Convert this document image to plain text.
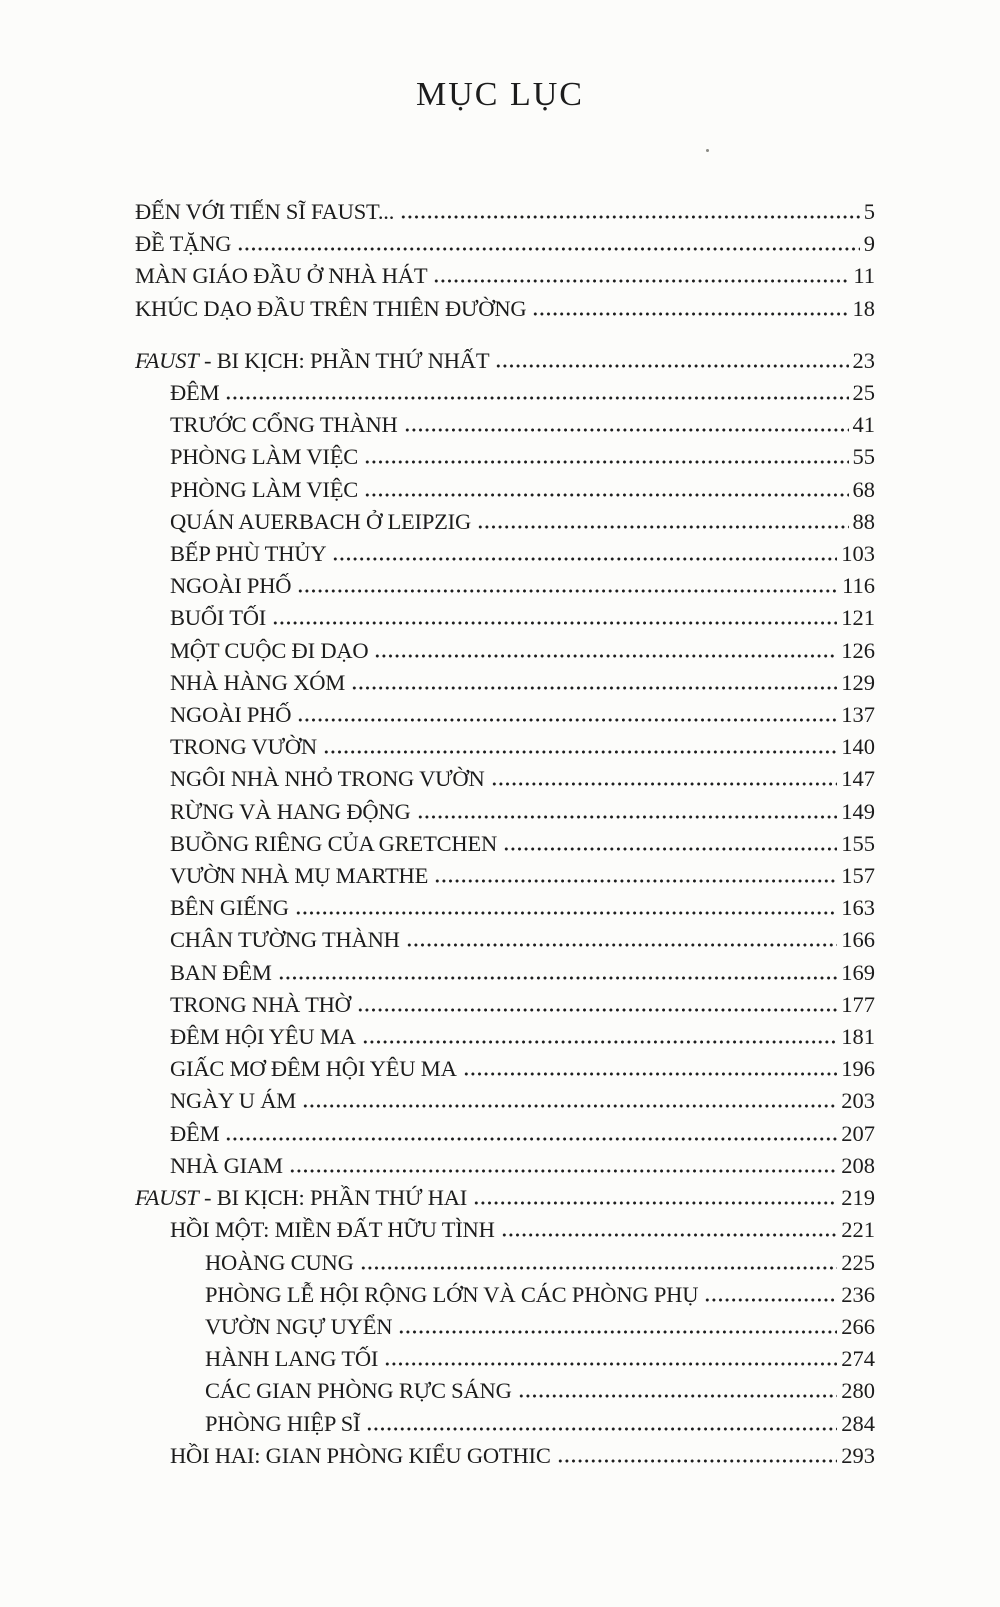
MỤC LỤC
ĐẾN VỚI TIẾN SĨ FAUST...	5
ĐỀ TẶNG	9
MÀN GIÁO ĐẦU Ở NHÀ HÁT	11
KHÚC DẠO ĐẦU TRÊN THIÊN ĐƯỜNG	18
FAUST - BI KỊCH: PHẦN THỨ NHẤT	23
ĐÊM	25
TRƯỚC CỔNG THÀNH	41
PHÒNG LÀM VIỆC	55
PHÒNG LÀM VIỆC	68
QUÁN AUERBACH Ở LEIPZIG	88
BẾP PHÙ THỦY	103
NGOÀI PHỐ	116
BUỔI TỐI	121
MỘT CUỘC ĐI DẠO	126
NHÀ HÀNG XÓM	129
NGOÀI PHỐ	137
TRONG VƯỜN	140
NGÔI NHÀ NHỎ TRONG VƯỜN	147
RỪNG VÀ HANG ĐỘNG	149
BUỒNG RIÊNG CỦA GRETCHEN	155
VƯỜN NHÀ MỤ MARTHE	157
BÊN GIẾNG	163
CHÂN TƯỜNG THÀNH	166
BAN ĐÊM	169
TRONG NHÀ THỜ	177
ĐÊM HỘI YÊU MA	181
GIẤC MƠ ĐÊM HỘI YÊU MA	196
NGÀY U ÁM	203
ĐÊM	207
NHÀ GIAM	208
FAUST - BI KỊCH: PHẦN THỨ HAI	219
HỒI MỘT: MIỀN ĐẤT HỮU TÌNH	221
HOÀNG CUNG	225
PHÒNG LỄ HỘI RỘNG LỚN VÀ CÁC PHÒNG PHỤ	236
VƯỜN NGỰ UYỂN	266
HÀNH LANG TỐI	274
CÁC GIAN PHÒNG RỰC SÁNG	280
PHÒNG HIỆP SĨ	284
HỒI HAI: GIAN PHÒNG KIỂU GOTHIC	293
